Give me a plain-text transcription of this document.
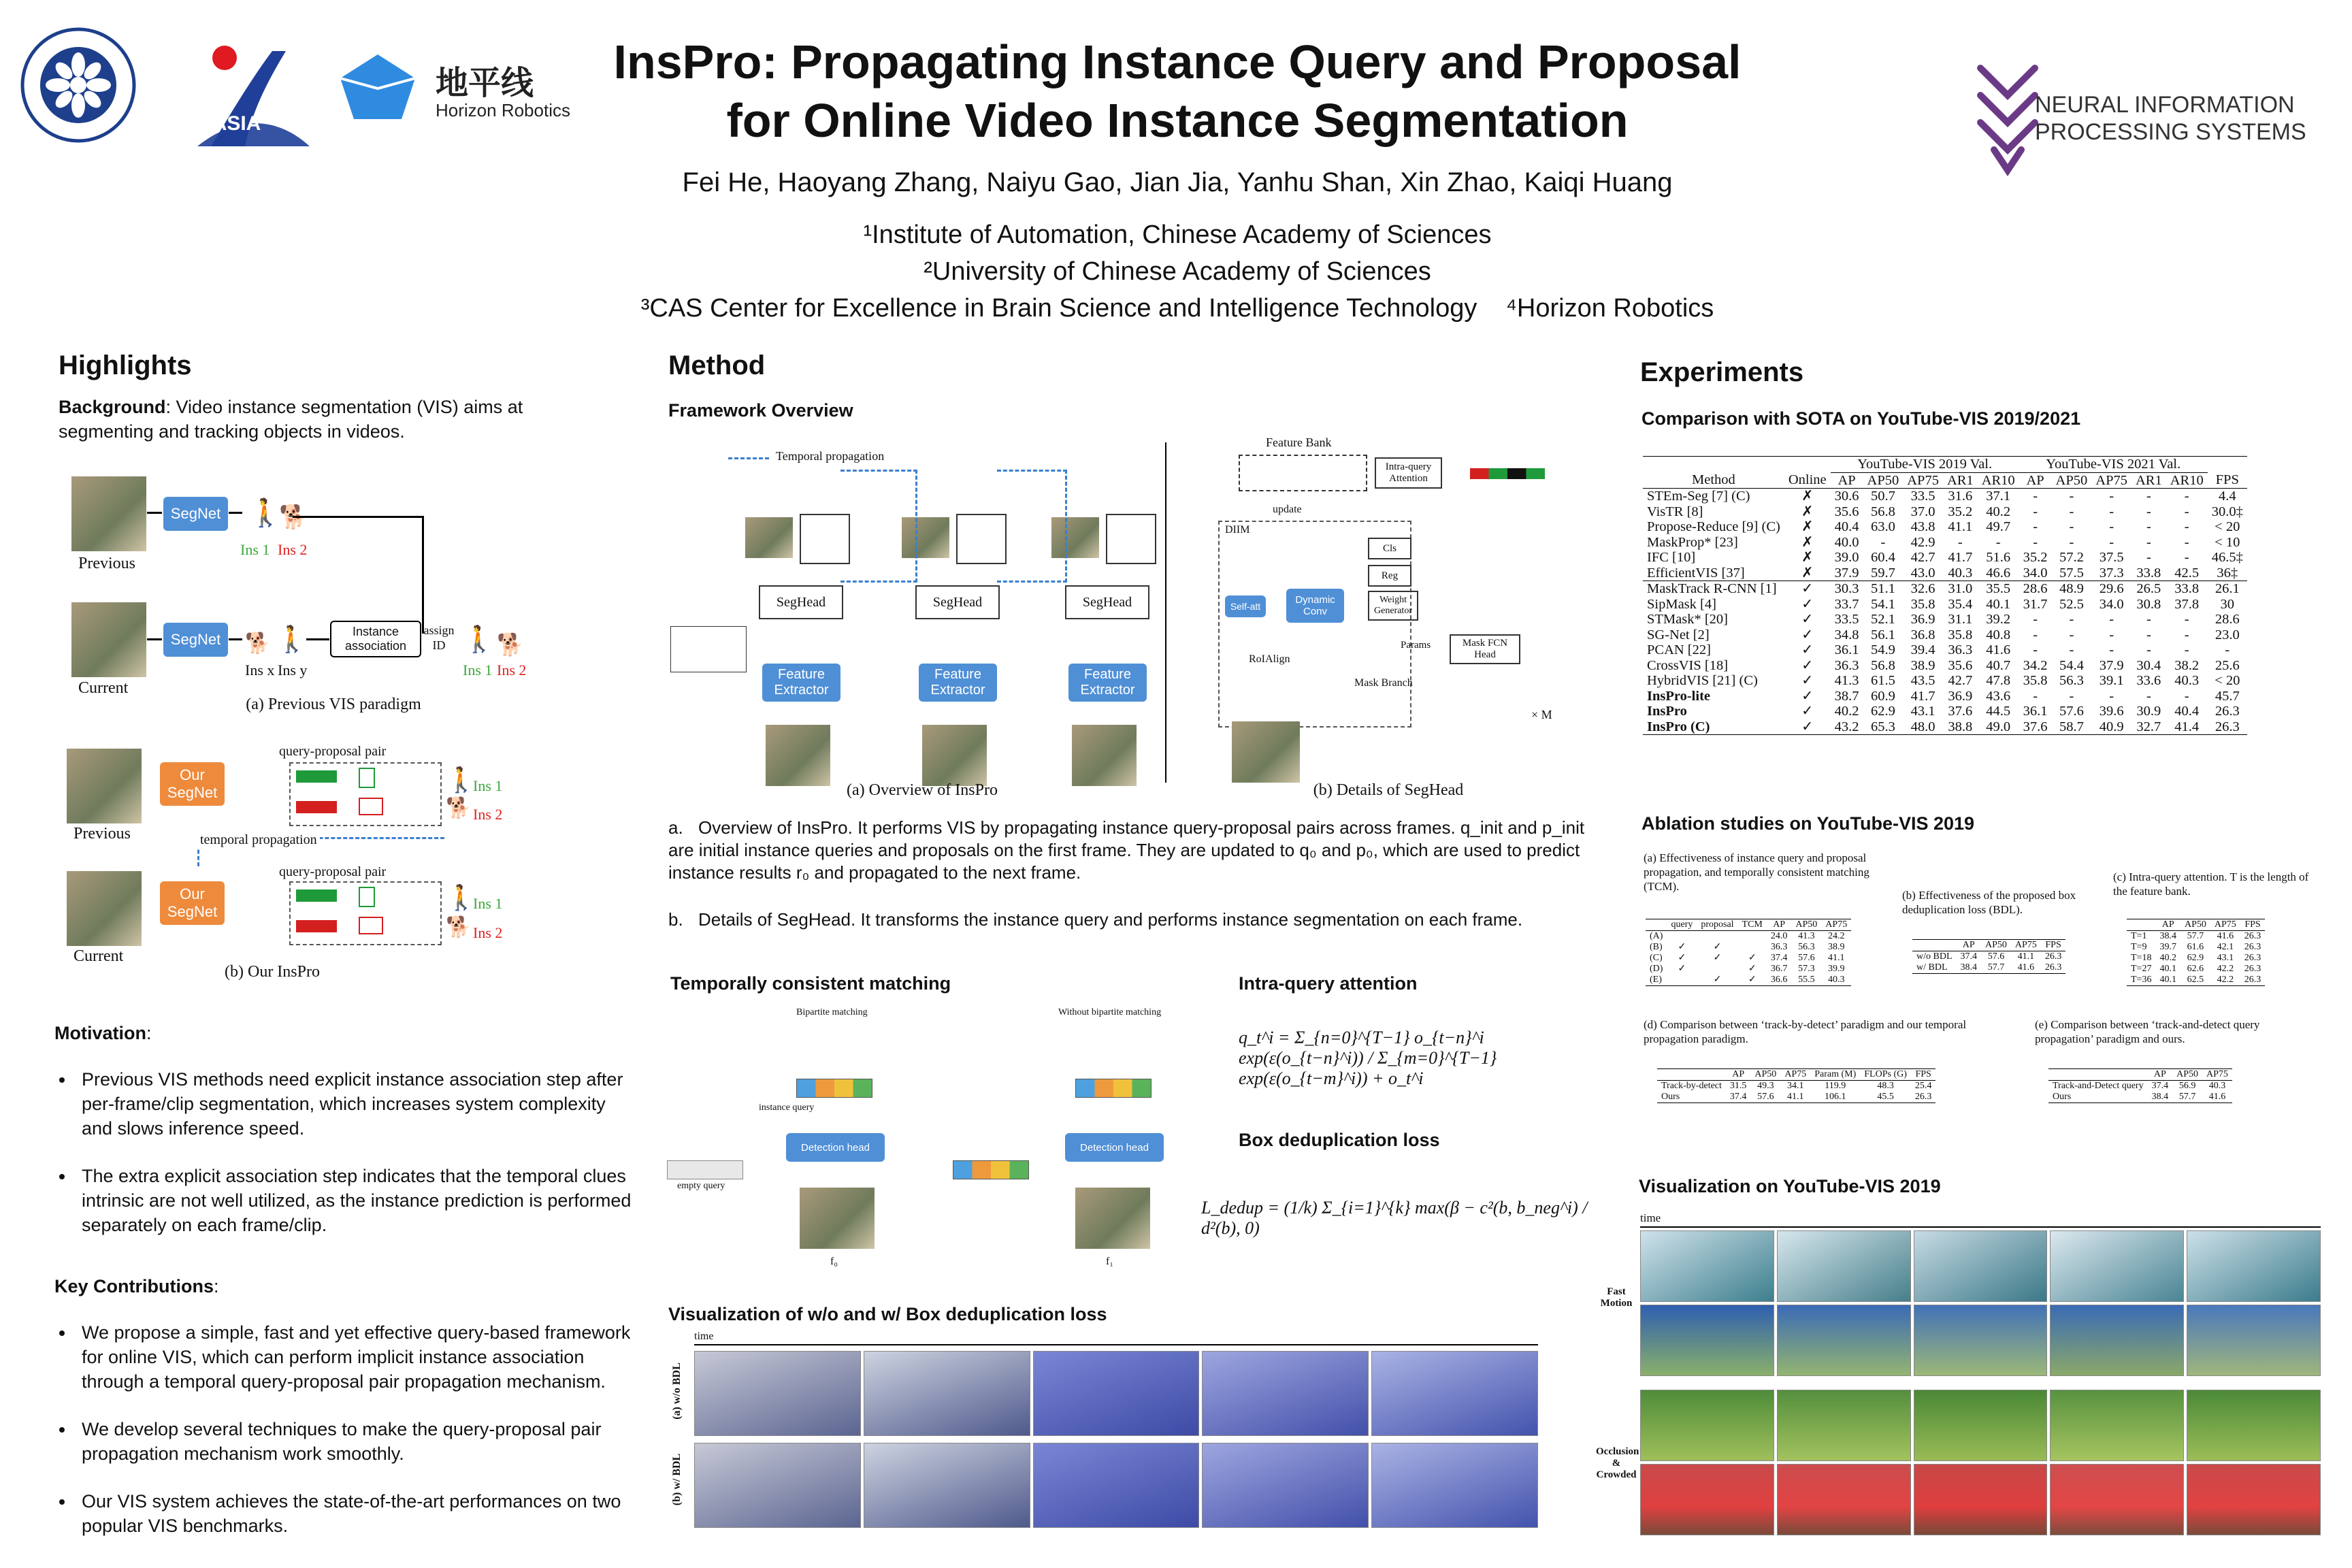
CASIA
地平线
Horizon Robotics
InsPro: Propagating Instance Query and Proposal
for Online Video Instance Segmentation
Fei He, Haoyang Zhang, Naiyu Gao, Jian Jia, Yanhu Shan, Xin Zhao, Kaiqi Huang
¹Institute of Automation, Chinese Academy of Sciences
²University of Chinese Academy of Sciences
³CAS Center for Excellence in Brain Science and Intelligence Technology    ⁴Horizon Robotics
NEURAL INFORMATION
PROCESSING SYSTEMS
Highlights
Background: Video instance segmentation (VIS) aims at segmenting and tracking objects in videos.
Previous
SegNet 🚶
🐕
Ins 1 Ins 2
Current
SegNet	🐕 🚶
Ins x Ins y
Instance association
assign ID 🚶 🐕
Ins 1 Ins 2
(a) Previous VIS paradigm
Previous
Our SegNet
query-proposal pair
🚶
Ins 1
🐕 Ins 2
temporal propagation
Current
Our SegNet
query-proposal pair
🚶
Ins 1
🐕 Ins 2
(b) Our InsPro
Motivation:
• Previous VIS methods need explicit instance association step after per-frame/clip segmentation, which increases system complexity and slows inference speed.
• The extra explicit association step indicates that the temporal clues intrinsic are not well utilized, as the instance prediction is performed separately on each frame/clip.
Key Contributions:
• We propose a simple, fast and yet effective query-based framework for online VIS, which can perform implicit instance association through a temporal query-proposal pair propagation mechanism.
• We develop several techniques to make the query-proposal pair propagation mechanism work smoothly.
• Our VIS system achieves the state-of-the-art performances on two popular VIS benchmarks.
Method
Framework Overview
Temporal propagation
SegHead
Feature Extractor
SegHead
Feature Extractor
SegHead
Feature Extractor
(a) Overview of InsPro
Feature Bank
Intra-query Attention
update
DIIM
Self-att
Dynamic Conv
RoIAlign
Cls
Reg
Weight Generator
Params	Mask FCN Head
Mask Branch
× M
(b) Details of SegHead
a. Overview of InsPro. It performs VIS by propagating instance query-proposal pairs across frames. q_init and p_init are initial instance queries and proposals on the first frame. They are updated to q₀ and p₀, which are used to predict instance results r₀ and propagated to the next frame.
b. Details of SegHead. It transforms the instance query and performs instance segmentation on each frame.
Temporally consistent matching
Bipartite matching	Without bipartite matching
instance query
Detection head
empty query
f₀
Detection head
f₁
Intra-query attention
q_t^i = Σ_{n=0}^{T−1} o_{t−n}^i exp(ε(o_{t−n}^i)) / Σ_{m=0}^{T−1} exp(ε(o_{t−m}^i)) + o_t^i
Box deduplication loss
L_dedup = (1/k) Σ_{i=1}^{k} max(β − c²(b, b_neg^i) / d²(b), 0)
Visualization of w/o and w/ Box deduplication loss
time
(a) w/o BDL
(b) w/ BDL
Experiments
Comparison with SOTA on YouTube-VIS 2019/2021
		YouTube-VIS 2019 Val.					YouTube-VIS 2021 Val.					
Method	Online	AP	AP50	AP75	AR1	AR10	AP	AP50	AP75	AR1	AR10	FPS
STEm-Seg [7] (C)	✗	30.6	50.7	33.5	31.6	37.1	-	-	-	-	-	4.4
VisTR [8]	✗	35.6	56.8	37.0	35.2	40.2	-	-	-	-	-	30.0‡
Propose-Reduce [9] (C)	✗	40.4	63.0	43.8	41.1	49.7	-	-	-	-	-	< 20
MaskProp* [23]	✗	40.0	-	42.9	-	-	-	-	-	-	-	< 10
IFC [10]	✗	39.0	60.4	42.7	41.7	51.6	35.2	57.2	37.5	-	-	46.5‡
EfficientVIS [37]	✗	37.9	59.7	43.0	40.3	46.6	34.0	57.5	37.3	33.8	42.5	36‡
MaskTrack R-CNN [1]	✓	30.3	51.1	32.6	31.0	35.5	28.6	48.9	29.6	26.5	33.8	26.1
SipMask [4]	✓	33.7	54.1	35.8	35.4	40.1	31.7	52.5	34.0	30.8	37.8	30
STMask* [20]	✓	33.5	52.1	36.9	31.1	39.2	-	-	-	-	-	28.6
SG-Net [2]	✓	34.8	56.1	36.8	35.8	40.8	-	-	-	-	-	23.0
PCAN [22]	✓	36.1	54.9	39.4	36.3	41.6	-	-	-	-	-	-
CrossVIS [18]	✓	36.3	56.8	38.9	35.6	40.7	34.2	54.4	37.9	30.4	38.2	25.6
HybridVIS [21] (C)	✓	41.3	61.5	43.5	42.7	47.8	35.8	56.3	39.1	33.6	40.3	< 20
InsPro-lite	✓	38.7	60.9	41.7	36.9	43.6	-	-	-	-	-	45.7
InsPro	✓	40.2	62.9	43.1	37.6	44.5	36.1	57.6	39.6	30.9	40.4	26.3
InsPro (C)	✓	43.2	65.3	48.0	38.8	49.0	37.6	58.7	40.9	32.7	41.4	26.3
Ablation studies on YouTube-VIS 2019
(a) Effectiveness of instance query and proposal propagation, and temporally consistent matching (TCM).
	query	proposal	TCM	AP	AP50	AP75
(A)				24.0	41.3	24.2
(B)	✓	✓		36.3	56.3	38.9
(C)	✓	✓	✓	37.4	57.6	41.1
(D)	✓		✓	36.7	57.3	39.9
(E)		✓	✓	36.6	55.5	40.3
(b) Effectiveness of the proposed box deduplication loss (BDL).
	AP	AP50	AP75	FPS
w/o BDL	37.4	57.6	41.1	26.3
w/ BDL	38.4	57.7	41.6	26.3
(c) Intra-query attention. T is the length of the feature bank.
	AP	AP50	AP75	FPS
T=1	38.4	57.7	41.6	26.3
T=9	39.7	61.6	42.1	26.3
T=18	40.2	62.9	43.1	26.3
T=27	40.1	62.6	42.2	26.3
T=36	40.1	62.5	42.2	26.3
(d) Comparison between ‘track-by-detect’ paradigm and our temporal propagation paradigm.
	AP	AP50	AP75	Param (M)	FLOPs (G)	FPS
Track-by-detect	31.5	49.3	34.1	119.9	48.3	25.4
Ours	37.4	57.6	41.1	106.1	45.5	26.3
(e) Comparison between ‘track-and-detect query propagation’ paradigm and ours.
	AP	AP50	AP75
Track-and-Detect query	37.4	56.9	40.3
Ours	38.4	57.7	41.6
Visualization on YouTube-VIS 2019
time
Fast Motion
Occlusion & Crowded
